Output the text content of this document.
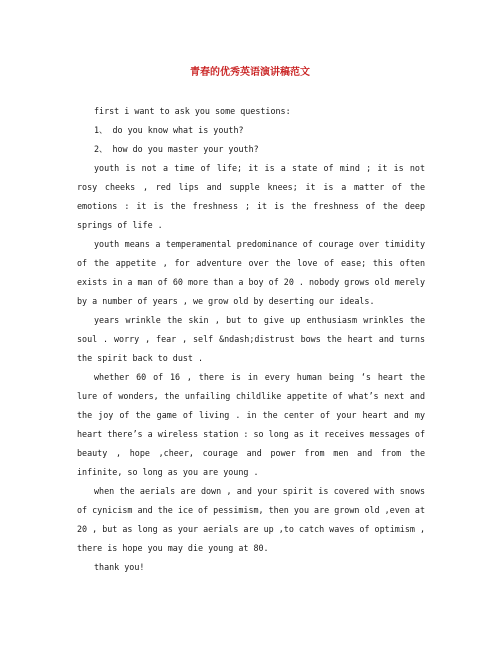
青春的优秀英语演讲稿范文

first i want to ask you some questions:

1、 do you know what is youth?

2、 how do you master your youth?

youth is not a time of life; it is a state of mind ; it is not rosy cheeks , red lips and supple knees; it is a matter of the emotions : it is the freshness ; it is the freshness of the deep springs of life .

youth means a temperamental predominance of courage over timidity of the appetite , for adventure over the love of ease; this often exists in a man of 60 more than a boy of 20 . nobody grows old merely by a number of years , we grow old by deserting our ideals.

years wrinkle the skin , but to give up enthusiasm wrinkles the soul . worry , fear , self &ndash;distrust bows the heart and turns the spirit back to dust .

whether 60 of 16 , there is in every human being ‘s heart the lure of wonders, the unfailing childlike appetite of what’s next and the joy of the game of living . in the center of your heart and my heart there’s a wireless station : so long as it receives messages of beauty , hope ,cheer, courage and power from men and from the infinite, so long as you are young .

when the aerials are down , and your spirit is covered with snows of cynicism and the ice of pessimism, then you are grown old ,even at 20 , but as long as your aerials are up ,to catch waves of optimism , there is hope you may die young at 80.

thank you!
